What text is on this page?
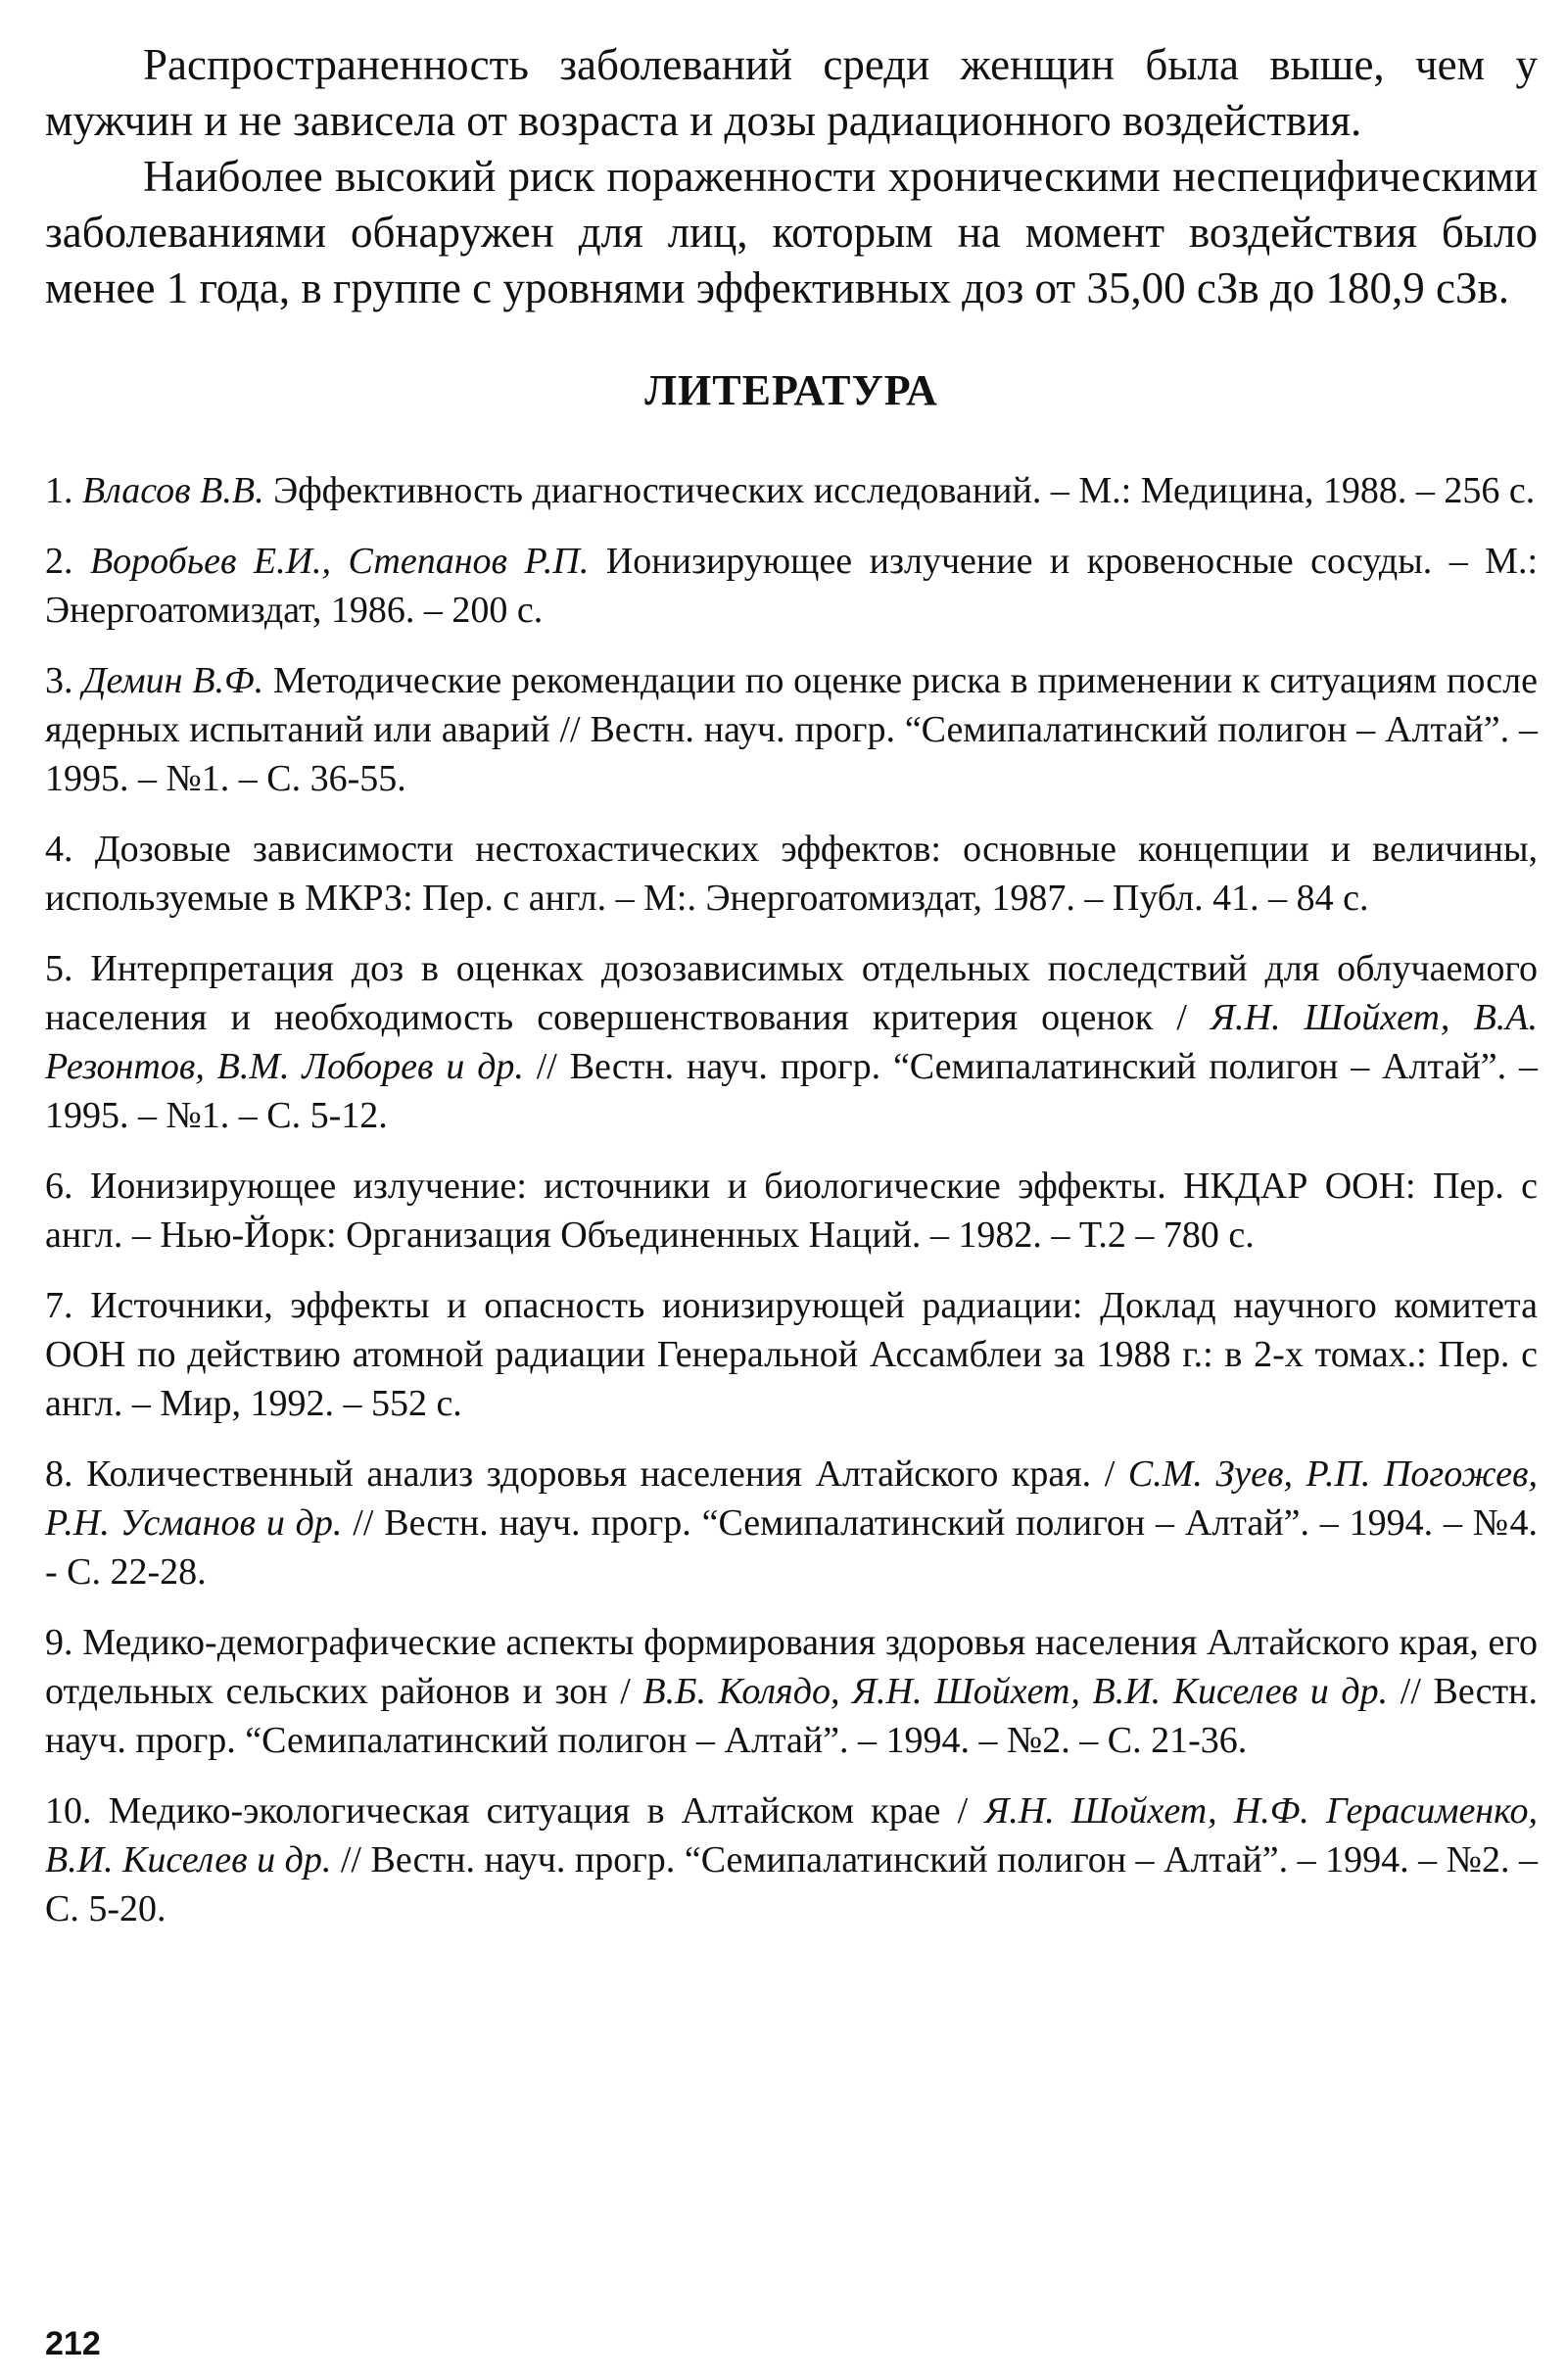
Распространенность заболеваний среди женщин была выше, чем у мужчин и не зависела от возраста и дозы радиационного воздействия.

Наиболее высокий риск пораженности хроническими неспецифическими заболеваниями обнаружен для лиц, которым на момент воздействия было менее 1 года, в группе с уровнями эффективных доз от 35,00 сЗв до 180,9 сЗв.

ЛИТЕРАТУРА
1. Власов В.В. Эффективность диагностических исследований. – М.: Медицина, 1988. – 256 с.
2. Воробьев Е.И., Степанов Р.П. Ионизирующее излучение и кровеносные сосуды. – М.: Энергоатомиздат, 1986. – 200 с.
3. Демин В.Ф. Методические рекомендации по оценке риска в применении к ситуациям после ядерных испытаний или аварий // Вестн. науч. прогр. “Семипалатинский полигон – Алтай”. – 1995. – №1. – С. 36-55.
4. Дозовые зависимости нестохастических эффектов: основные концепции и величины, используемые в МКРЗ: Пер. с англ. – М:. Энергоатомиздат, 1987. – Публ. 41. – 84 с.
5. Интерпретация доз в оценках дозозависимых отдельных последствий для облучаемого населения и необходимость совершенствования критерия оценок / Я.Н. Шойхет, В.А. Резонтов, В.М. Лоборев и др. // Вестн. науч. прогр. “Семипалатинский полигон – Алтай”. – 1995. – №1. – С. 5-12.
6. Ионизирующее излучение: источники и биологические эффекты. НКДАР ООН: Пер. с англ. – Нью-Йорк: Организация Объединенных Наций. – 1982. – Т.2 – 780 с.
7. Источники, эффекты и опасность ионизирующей радиации: Доклад научного комитета ООН по действию атомной радиации Генеральной Ассамблеи за 1988 г.: в 2-х томах.: Пер. с англ. – Мир, 1992. – 552 с.
8. Количественный анализ здоровья населения Алтайского края. / С.М. Зуев, Р.П. Погожев, Р.Н. Усманов и др. // Вестн. науч. прогр. “Семипалатинский полигон – Алтай”. – 1994. – №4. - С. 22-28.
9. Медико-демографические аспекты формирования здоровья населения Алтайского края, его отдельных сельских районов и зон / В.Б. Колядо, Я.Н. Шойхет, В.И. Киселев и др. // Вестн. науч. прогр. “Семипалатинский полигон – Алтай”. – 1994. – №2. – С. 21-36.
10. Медико-экологическая ситуация в Алтайском крае / Я.Н. Шойхет, Н.Ф. Герасименко, В.И. Киселев и др. // Вестн. науч. прогр. “Семипалатинский полигон – Алтай”. – 1994. – №2. – С. 5-20.
212
